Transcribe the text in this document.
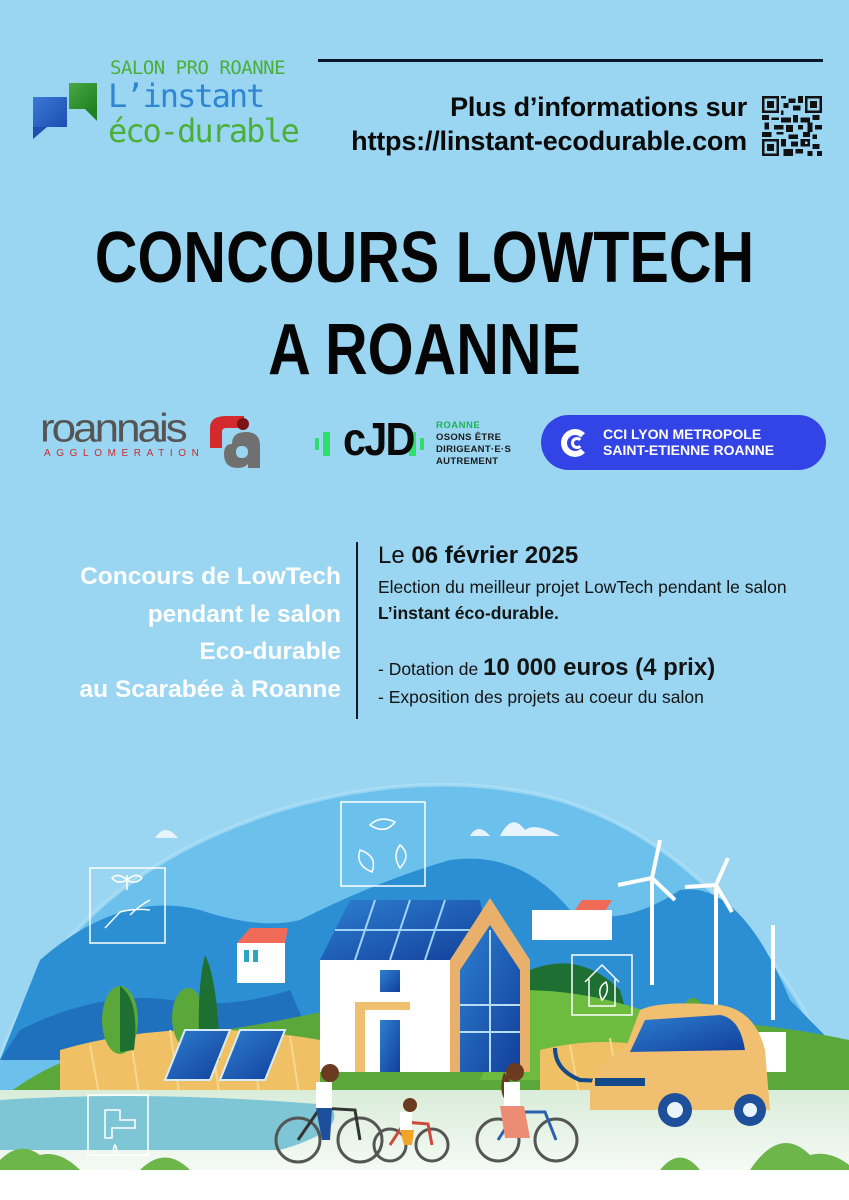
SALON PRO ROANNE
L’instant
éco-durable
Plus d’informations sur
https://linstant-ecodurable.com
CONCOURS LOWTECH
A ROANNE
roannais
AGGLOMERATION	cJD ROANNE
OSONS ÊTRE
DIRIGEANT·E·S
AUTREMENT
CCI LYON METROPOLE
SAINT-ETIENNE ROANNE
Concours de LowTech
pendant le salon
Eco-durable
au Scarabée à Roanne
Le 06 février 2025
Election du meilleur projet LowTech pendant le salon L’instant éco-durable.
- Dotation de 10 000 euros (4 prix)
- Exposition des projets au coeur du salon
